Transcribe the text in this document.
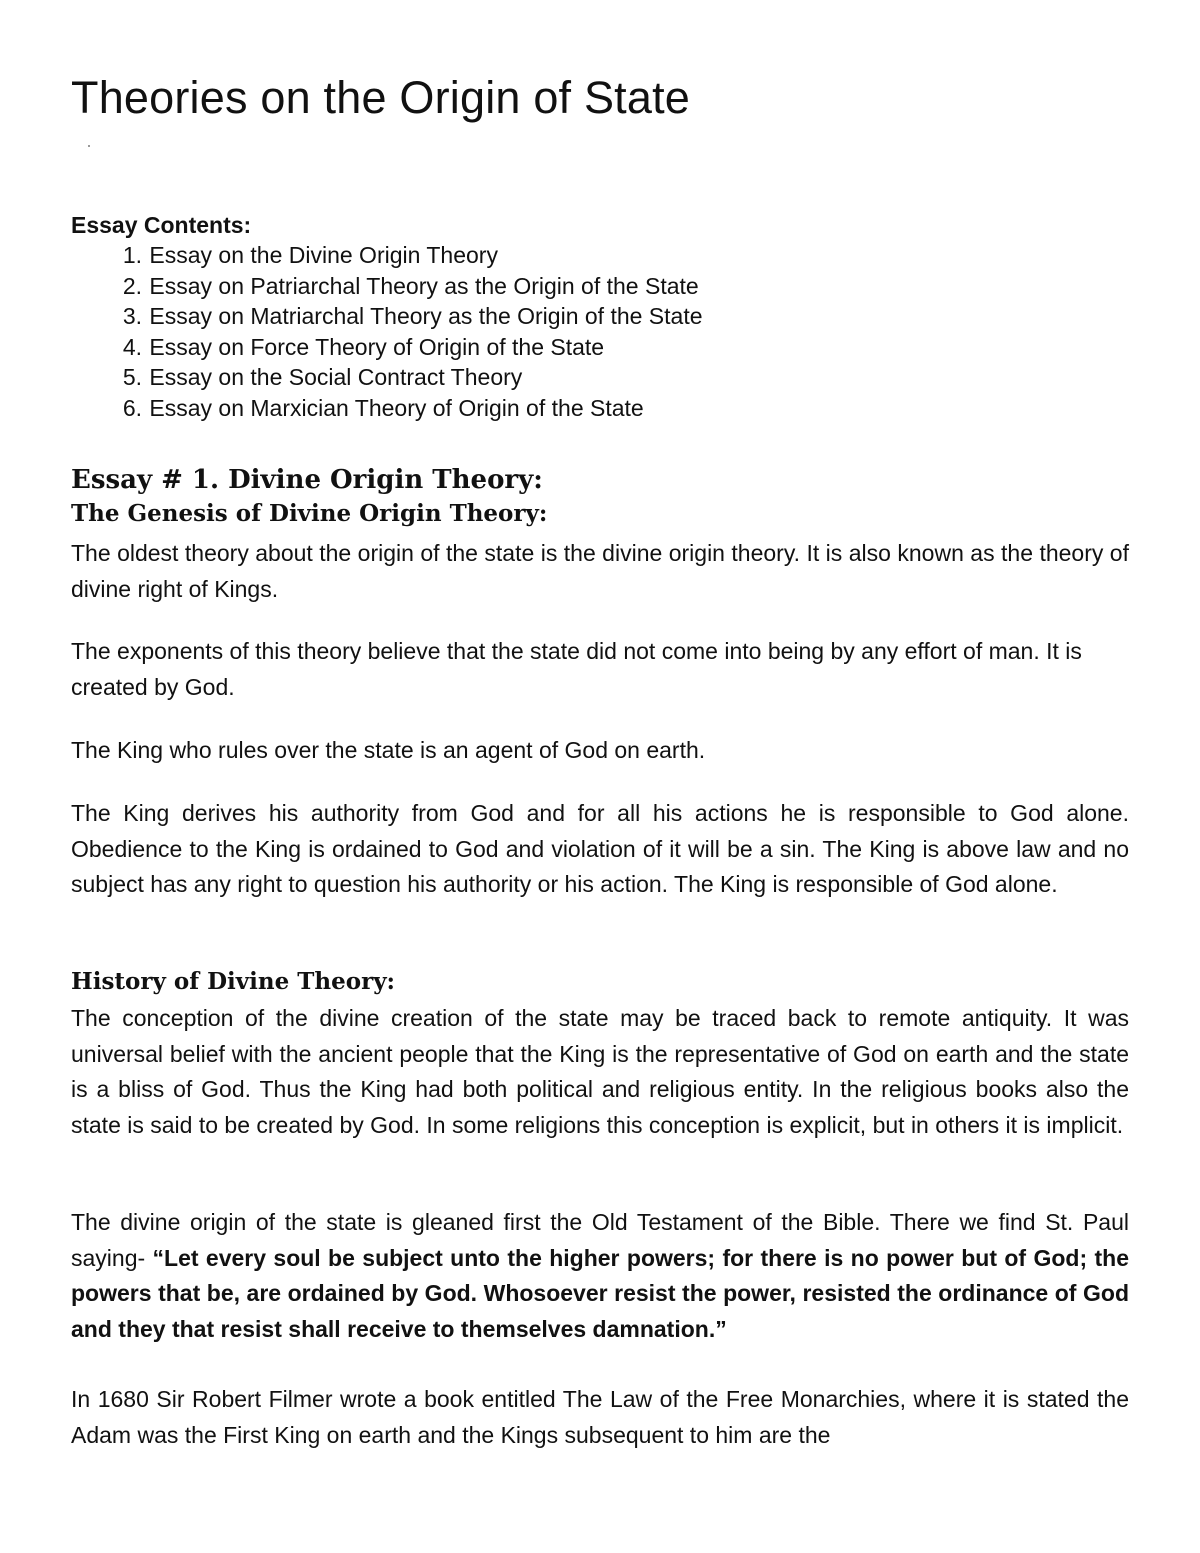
Theories on the Origin of State

Essay Contents:

1. Essay on the Divine Origin Theory
2. Essay on Patriarchal Theory as the Origin of the State
3. Essay on Matriarchal Theory as the Origin of the State
4. Essay on Force Theory of Origin of the State
5. Essay on the Social Contract Theory
6. Essay on Marxician Theory of Origin of the State
Essay # 1. Divine Origin Theory:
The Genesis of Divine Origin Theory:

The oldest theory about the origin of the state is the divine origin theory. It is also known as the theory of divine right of Kings.

The exponents of this theory believe that the state did not come into being by any effort of man. It is created by God.

The King who rules over the state is an agent of God on earth.

The King derives his authority from God and for all his actions he is responsible to God alone. Obedience to the King is ordained to God and violation of it will be a sin. The King is above law and no subject has any right to question his authority or his action. The King is responsible of God alone.

History of Divine Theory:

The conception of the divine creation of the state may be traced back to remote antiquity. It was universal belief with the ancient people that the King is the representative of God on earth and the state is a bliss of God. Thus the King had both political and religious entity. In the religious books also the state is said to be created by God. In some religions this conception is explicit, but in others it is implicit.

The divine origin of the state is gleaned first the Old Testament of the Bible. There we find St. Paul saying- “Let every soul be subject unto the higher powers; for there is no power but of God; the powers that be, are ordained by God. Whosoever resist the power, resisted the ordinance of God and they that resist shall receive to themselves damnation.”

In 1680 Sir Robert Filmer wrote a book entitled The Law of the Free Monarchies, where it is stated the Adam was the First King on earth and the Kings subsequent to him are the
